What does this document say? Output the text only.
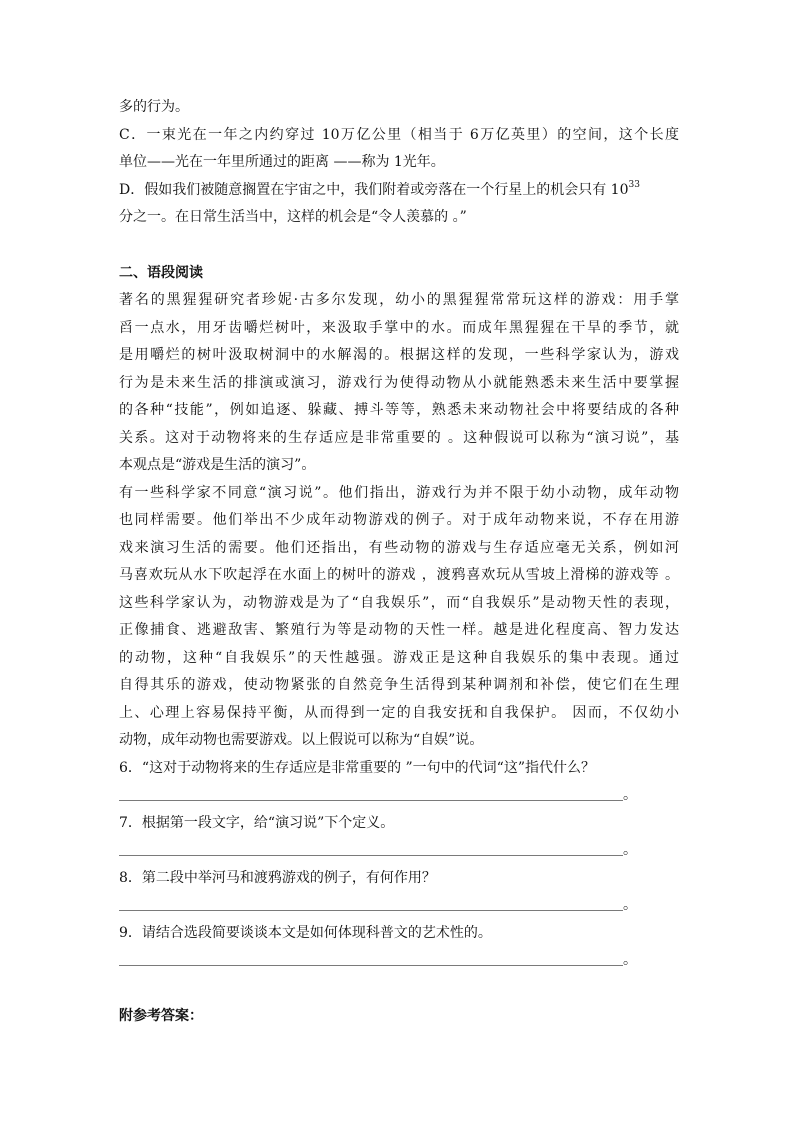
多的行为。
C．一束光在一年之内约穿过 10万亿公里（相当于 6万亿英里）的空间，这个长度
单位——光在一年里所通过的距离 ——称为 1光年。
D．假如我们被随意搁置在宇宙之中，我们附着或旁落在一个行星上的机会只有 $10^{33}$
分之一。在日常生活当中，这样的机会是“令人羡慕的 。”
二、语段阅读
著名的黑猩猩研究者珍妮·古多尔发现，幼小的黑猩猩常常玩这样的游戏：用手掌
舀一点水，用牙齿嚼烂树叶，来汲取手掌中的水。而成年黑猩猩在干旱的季节，就
是用嚼烂的树叶汲取树洞中的水解渴的。根据这样的发现，一些科学家认为，游戏
行为是未来生活的排演或演习，游戏行为使得动物从小就能熟悉未来生活中要掌握
的各种“技能”，例如追逐、躲藏、搏斗等等，熟悉未来动物社会中将要结成的各种
关系。这对于动物将来的生存适应是非常重要的 。这种假说可以称为“演习说”，基
本观点是“游戏是生活的演习”。
有一些科学家不同意“演习说”。他们指出，游戏行为并不限于幼小动物，成年动物
也同样需要。他们举出不少成年动物游戏的例子。对于成年动物来说，不存在用游
戏来演习生活的需要。他们还指出，有些动物的游戏与生存适应毫无关系，例如河
马喜欢玩从水下吹起浮在水面上的树叶的游戏 ，渡鸦喜欢玩从雪坡上滑梯的游戏等 。
这些科学家认为，动物游戏是为了“自我娱乐”，而“自我娱乐”是动物天性的表现，
正像捕食、逃避敌害、繁殖行为等是动物的天性一样。越是进化程度高、智力发达
的动物，这种“自我娱乐”的天性越强。游戏正是这种自我娱乐的集中表现。通过
自得其乐的游戏，使动物紧张的自然竞争生活得到某种调剂和补偿，使它们在生理
上、心理上容易保持平衡，从而得到一定的自我安抚和自我保护。 因而，不仅幼小
动物，成年动物也需要游戏。以上假说可以称为“自娱”说。
6．“这对于动物将来的生存适应是非常重要的 ”一句中的代词“这”指代什么？
＿＿＿＿＿＿＿＿＿＿＿＿＿＿＿＿＿＿＿＿＿＿＿＿＿＿＿＿＿＿＿＿＿＿＿＿。
7．根据第一段文字，给“演习说”下个定义。
＿＿＿＿＿＿＿＿＿＿＿＿＿＿＿＿＿＿＿＿＿＿＿＿＿＿＿＿＿＿＿＿＿＿＿＿。
8．第二段中举河马和渡鸦游戏的例子，有何作用？
＿＿＿＿＿＿＿＿＿＿＿＿＿＿＿＿＿＿＿＿＿＿＿＿＿＿＿＿＿＿＿＿＿＿＿＿。
9．请结合选段简要谈谈本文是如何体现科普文的艺术性的。
＿＿＿＿＿＿＿＿＿＿＿＿＿＿＿＿＿＿＿＿＿＿＿＿＿＿＿＿＿＿＿＿＿＿＿＿。
附参考答案：
